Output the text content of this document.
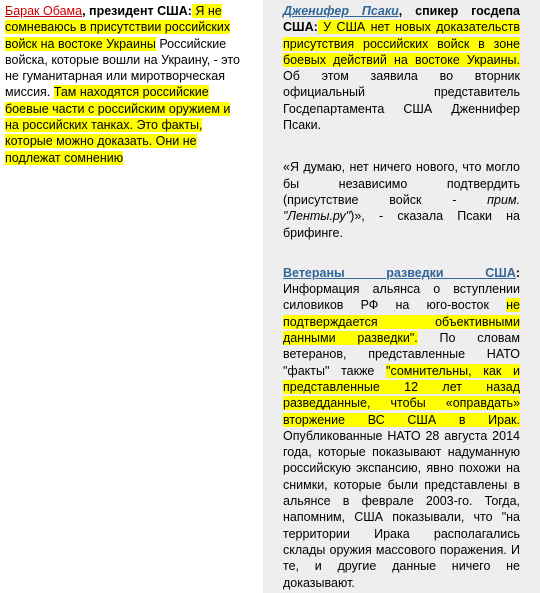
Барак Обама, президент США: Я не сомневаюсь в присутствии российских войск на востоке Украины Российские войска, которые вошли на Украину, - это не гуманитарная или миротворческая миссия. Там находятся российские боевые части с российским оружием и на российских танках. Это факты, которые можно доказать. Они не подлежат сомнению

Дженифер Псаки, спикер госдепа США: У США нет новых доказательств присутствия российских войск в зоне боевых действий на востоке Украины. Об этом заявила во вторник официальный представитель Госдепартамента США Дженнифер Псаки.

«Я думаю, нет ничего нового, что могло бы независимо подтвердить (присутствие войск - прим. "Ленты.ру")», - сказала Псаки на брифинге.

Ветераны разведки США: Информация альянса о вступлении силовиков РФ на юго-восток не подтверждается объективными данными разведки". По словам ветеранов, представленные НАТО "факты" также "сомнительны, как и представленные 12 лет назад разведданные, чтобы «оправдать» вторжение ВС США в Ирак. Опубликованные НАТО 28 августа 2014 года, которые показывают надуманную российскую экспансию, явно похожи на снимки, которые были представлены в альянсе в феврале 2003-го. Тогда, напомним, США показывали, что "на территории Ирака располагались склады оружия массового поражения. И те, и другие данные ничего не доказывают.
